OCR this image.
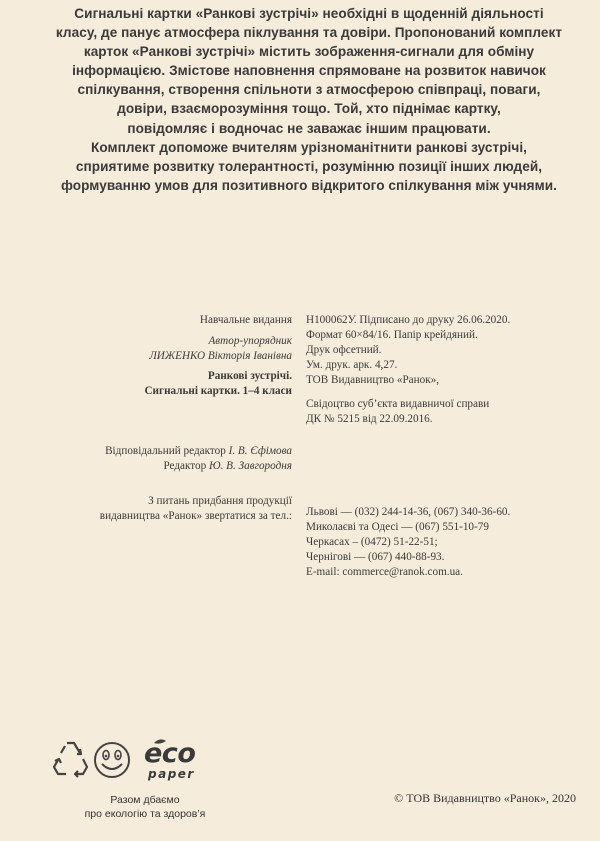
Сигнальні картки «Ранкові зустрічі» необхідні в щоденній діяльності
класу, де панує атмосфера піклування та довіри. Пропонований комплект
карток «Ранкові зустрічі» містить зображення-сигнали для обміну
інформацією. Змістове наповнення спрямоване на розвиток навичок
спілкування, створення спільноти з атмосферою співпраці, поваги,
довіри, взаєморозуміння тощо. Той, хто піднімає картку,
повідомляє і водночас не заважає іншим працювати.
Комплект допоможе вчителям урізноманітнити ранкові зустрічі,
сприятиме розвитку толерантності, розумінню позиції інших людей,
формуванню умов для позитивного відкритого спілкування між учнями.
Навчальне видання
Автор-упорядник
ЛИЖЕНКО Вікторія Іванівна
Ранкові зустрічі.
Сигнальні картки. 1–4 класи
Відповідальний редактор І. В. Єфімова
Редактор Ю. В. Завгородня
З питань придбання продукції
видавництва «Ранок» звертатися за тел.:
Н100062У. Підписано до друку 26.06.2020.
Формат 60×84/16. Папір крейдяний.
Друк офсетний.
Ум. друк. арк. 4,27.
ТОВ Видавництво «Ранок»,
Свідоцтво суб’єкта видавничої справи
ДК № 5215 від 22.09.2016.
Львові — (032) 244-14-36, (067) 340-36-60.
Миколаєві та Одесі — (067) 551-10-79
Черкасах – (0472) 51-22-51;
Чернігові — (067) 440-88-93.
E-mail: commerce@ranok.com.ua.
eco
paper
Разом дбаємо
про екологію та здоров’я
© ТОВ Видавництво «Ранок», 2020
